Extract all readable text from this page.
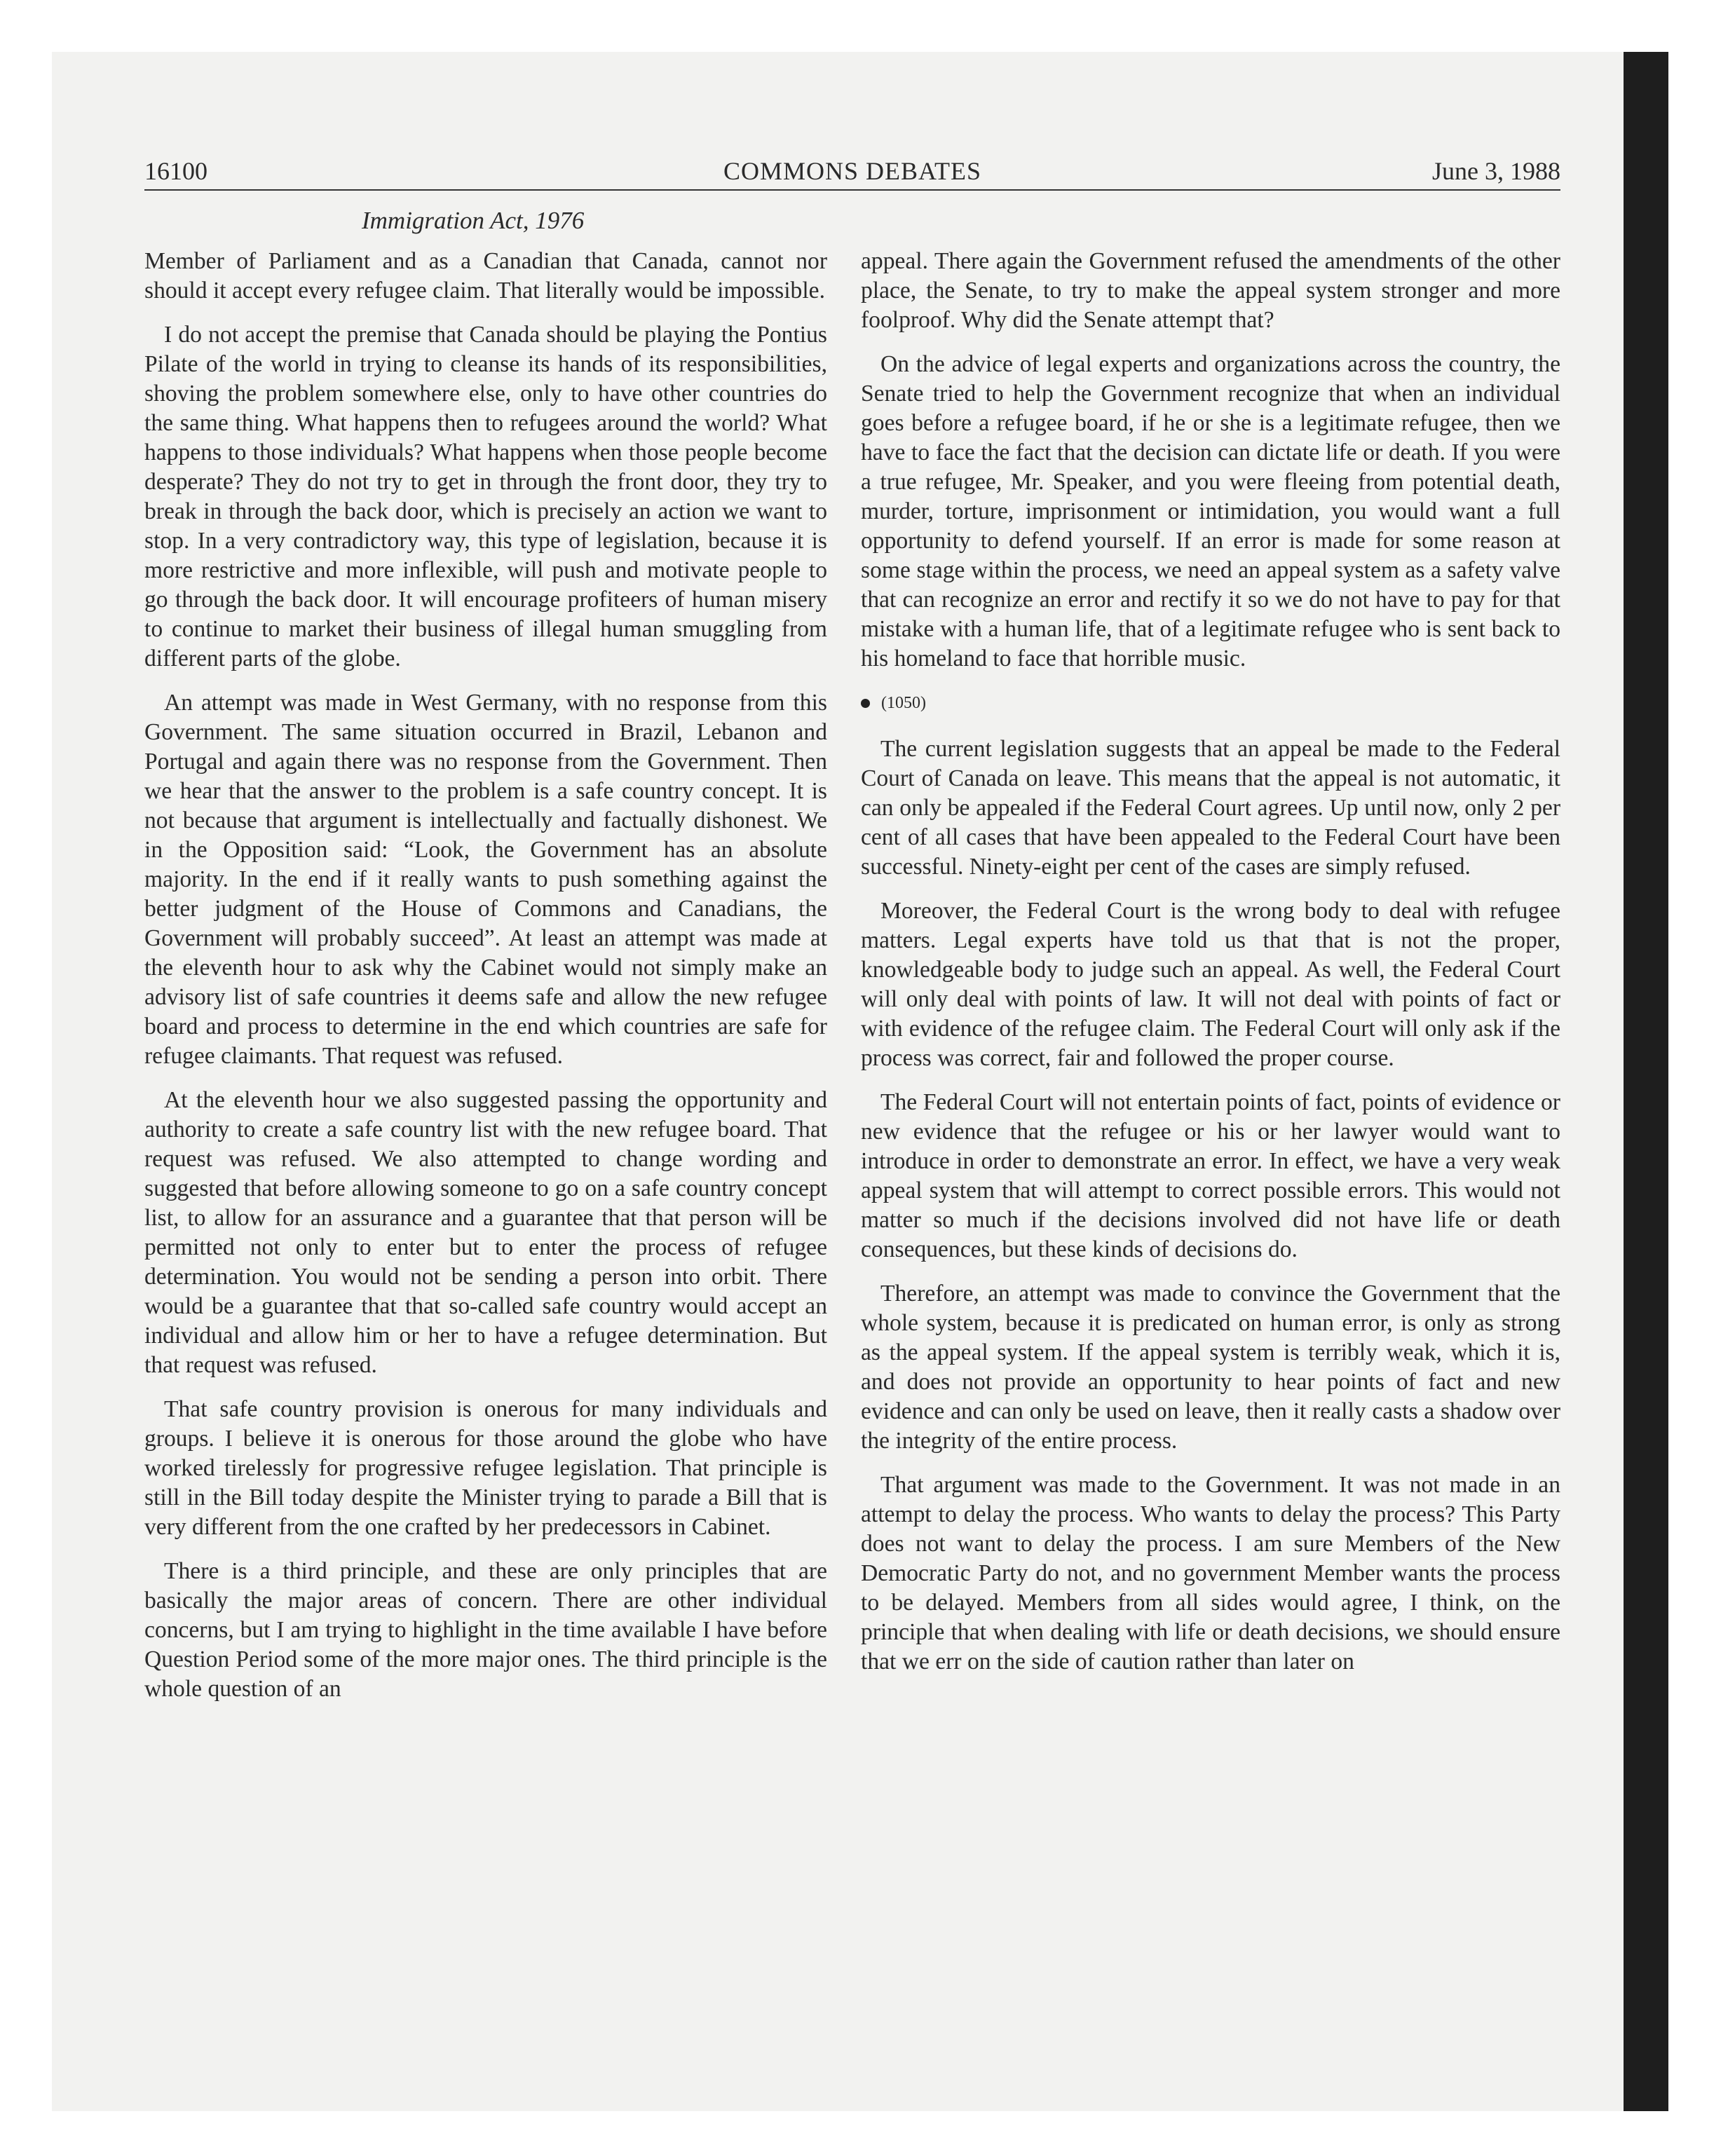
16100	COMMONS DEBATES	June 3, 1988
Immigration Act, 1976

Member of Parliament and as a Canadian that Canada, cannot nor should it accept every refugee claim. That literally would be impossible.

I do not accept the premise that Canada should be playing the Pontius Pilate of the world in trying to cleanse its hands of its responsibilities, shoving the problem somewhere else, only to have other countries do the same thing. What happens then to refugees around the world? What happens to those individuals? What happens when those people become desperate? They do not try to get in through the front door, they try to break in through the back door, which is precisely an action we want to stop. In a very contradictory way, this type of legislation, because it is more restrictive and more inflexible, will push and motivate people to go through the back door. It will encourage profiteers of human misery to continue to market their business of illegal human smuggling from different parts of the globe.

An attempt was made in West Germany, with no response from this Government. The same situation occurred in Brazil, Lebanon and Portugal and again there was no response from the Government. Then we hear that the answer to the problem is a safe country concept. It is not because that argument is intellectually and factually dishonest. We in the Opposition said: “Look, the Government has an absolute majority. In the end if it really wants to push something against the better judgment of the House of Commons and Canadians, the Government will probably succeed”. At least an attempt was made at the eleventh hour to ask why the Cabinet would not simply make an advisory list of safe countries it deems safe and allow the new refugee board and process to determine in the end which countries are safe for refugee claimants. That request was refused.

At the eleventh hour we also suggested passing the opportunity and authority to create a safe country list with the new refugee board. That request was refused. We also attempted to change wording and suggested that before allowing someone to go on a safe country concept list, to allow for an assurance and a guarantee that that person will be permitted not only to enter but to enter the process of refugee determination. You would not be sending a person into orbit. There would be a guarantee that that so-called safe country would accept an individual and allow him or her to have a refugee determination. But that request was refused.

That safe country provision is onerous for many individuals and groups. I believe it is onerous for those around the globe who have worked tirelessly for progressive refugee legislation. That principle is still in the Bill today despite the Minister trying to parade a Bill that is very different from the one crafted by her predecessors in Cabinet.

There is a third principle, and these are only principles that are basically the major areas of concern. There are other individual concerns, but I am trying to highlight in the time available I have before Question Period some of the more major ones. The third principle is the whole question of an

appeal. There again the Government refused the amendments of the other place, the Senate, to try to make the appeal system stronger and more foolproof. Why did the Senate attempt that?

On the advice of legal experts and organizations across the country, the Senate tried to help the Government recognize that when an individual goes before a refugee board, if he or she is a legitimate refugee, then we have to face the fact that the decision can dictate life or death. If you were a true refugee, Mr. Speaker, and you were fleeing from potential death, murder, torture, imprisonment or intimidation, you would want a full opportunity to defend yourself. If an error is made for some reason at some stage within the process, we need an appeal system as a safety valve that can recognize an error and rectify it so we do not have to pay for that mistake with a human life, that of a legitimate refugee who is sent back to his homeland to face that horrible music.

(1050)

The current legislation suggests that an appeal be made to the Federal Court of Canada on leave. This means that the appeal is not automatic, it can only be appealed if the Federal Court agrees. Up until now, only 2 per cent of all cases that have been appealed to the Federal Court have been successful. Ninety-eight per cent of the cases are simply refused.

Moreover, the Federal Court is the wrong body to deal with refugee matters. Legal experts have told us that that is not the proper, knowledgeable body to judge such an appeal. As well, the Federal Court will only deal with points of law. It will not deal with points of fact or with evidence of the refugee claim. The Federal Court will only ask if the process was correct, fair and followed the proper course.

The Federal Court will not entertain points of fact, points of evidence or new evidence that the refugee or his or her lawyer would want to introduce in order to demonstrate an error. In effect, we have a very weak appeal system that will attempt to correct possible errors. This would not matter so much if the decisions involved did not have life or death consequences, but these kinds of decisions do.

Therefore, an attempt was made to convince the Government that the whole system, because it is predicated on human error, is only as strong as the appeal system. If the appeal system is terribly weak, which it is, and does not provide an opportunity to hear points of fact and new evidence and can only be used on leave, then it really casts a shadow over the integrity of the entire process.

That argument was made to the Government. It was not made in an attempt to delay the process. Who wants to delay the process? This Party does not want to delay the process. I am sure Members of the New Democratic Party do not, and no government Member wants the process to be delayed. Members from all sides would agree, I think, on the principle that when dealing with life or death decisions, we should ensure that we err on the side of caution rather than later on
